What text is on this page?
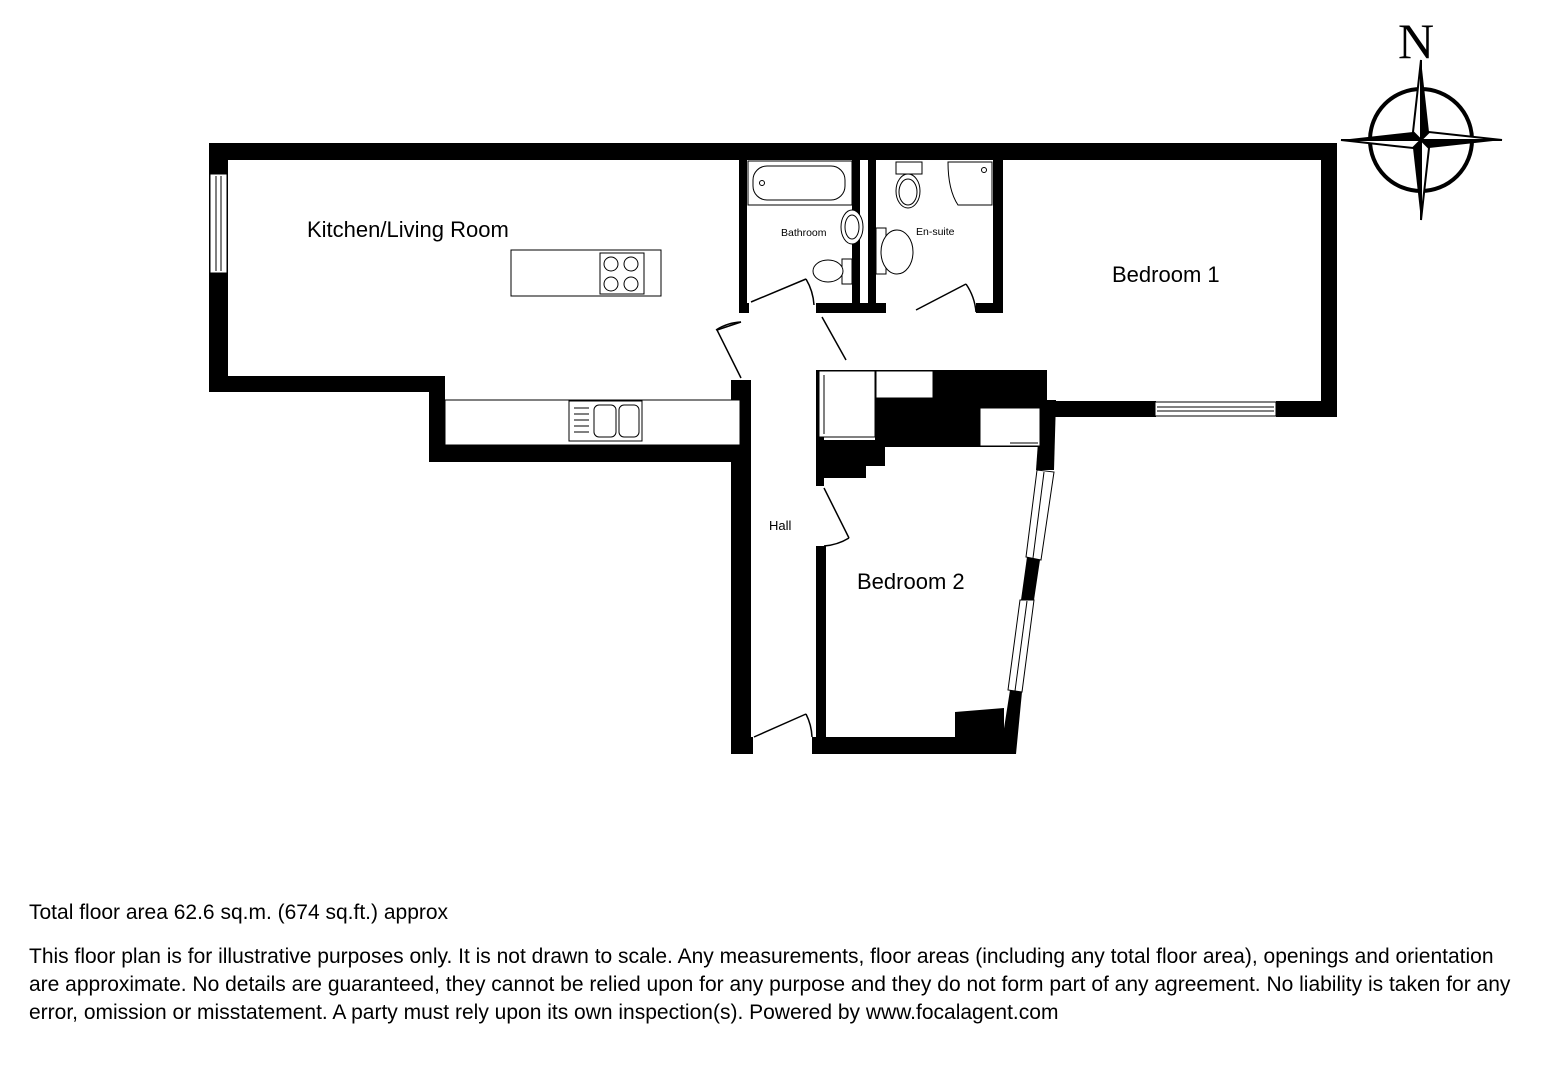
Kitchen/Living Room	Bathroom	En-suite
Bedroom 1
Bedroom 2
Hall
N
Total floor area 62.6 sq.m. (674 sq.ft.) approx
This floor plan is for illustrative purposes only. It is not drawn to scale. Any measurements, floor areas (including any total floor area), openings and orientation are approximate. No details are guaranteed, they cannot be relied upon for any purpose and they do not form part of any agreement. No liability is taken for any error, omission or misstatement. A party must rely upon its own inspection(s). Powered by www.focalagent.com
